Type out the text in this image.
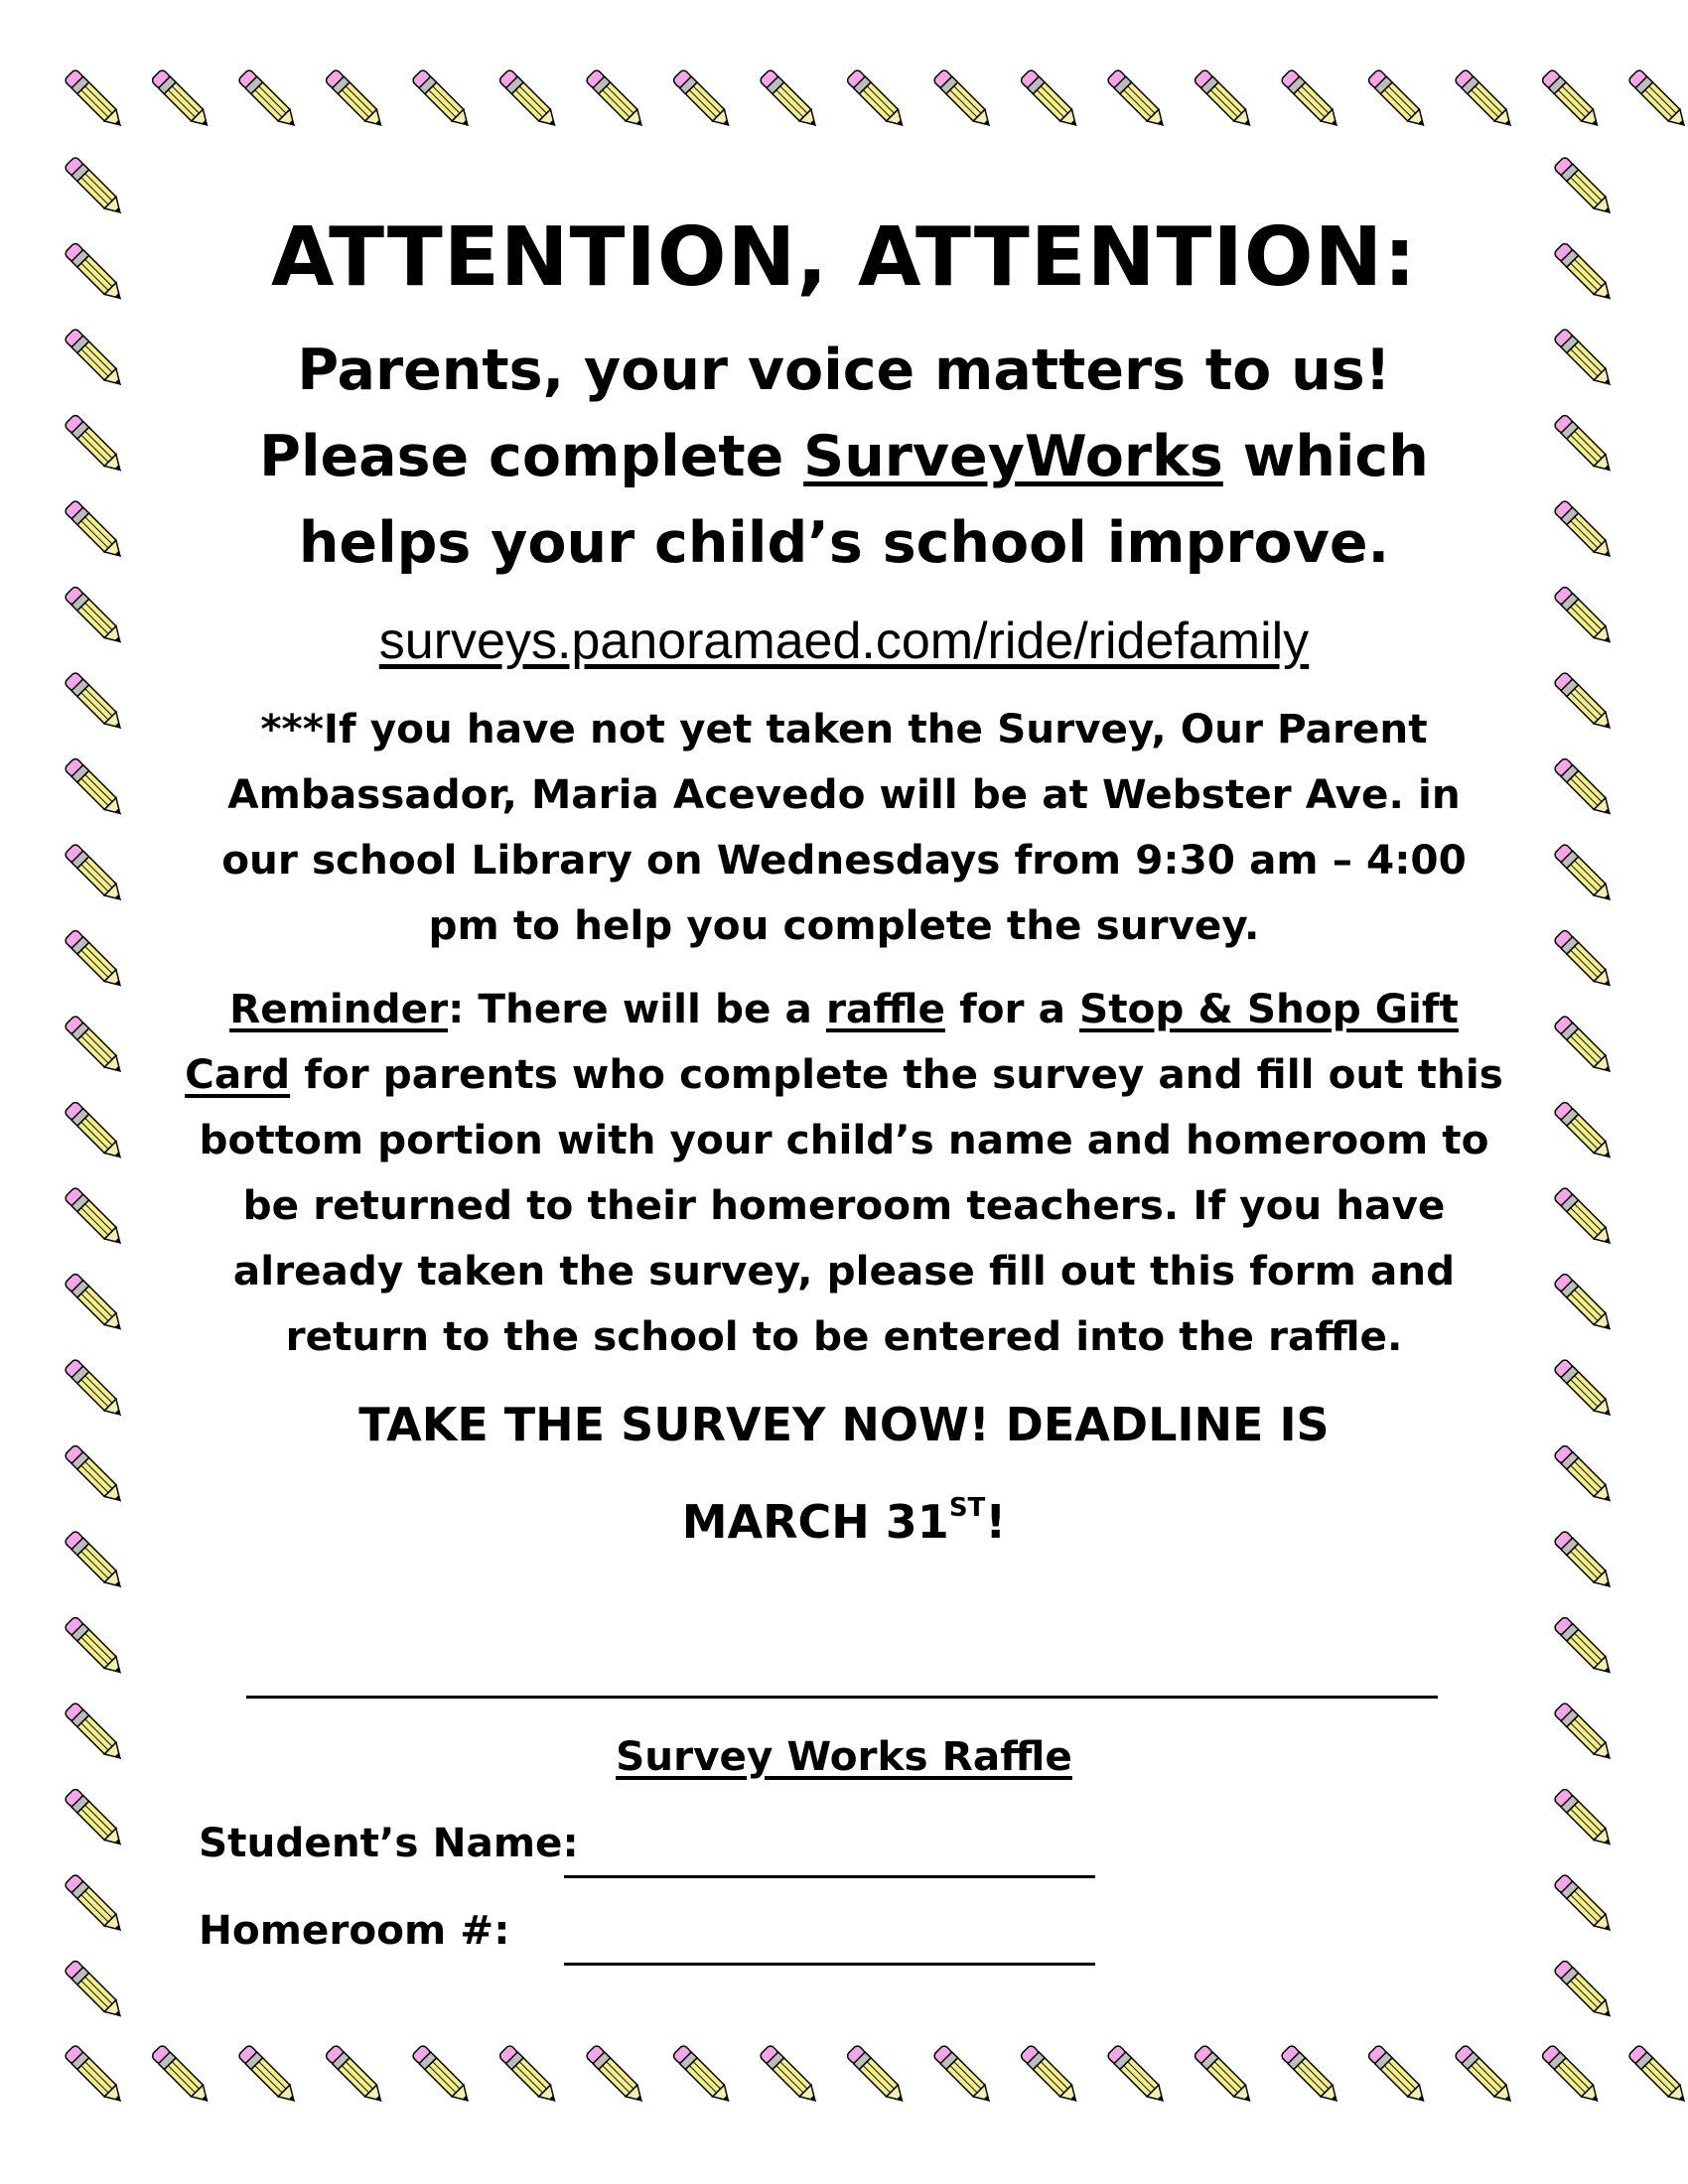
ATTENTION, ATTENTION:

Parents, your voice matters to us! Please complete SurveyWorks which helps your child’s school improve.

surveys.panoramaed.com/ride/ridefamily

***If you have not yet taken the Survey, Our Parent Ambassador, Maria Acevedo will be at Webster Ave. in our school Library on Wednesdays from 9:30 am – 4:00 pm to help you complete the survey.

Reminder: There will be a raffle for a Stop & Shop Gift Card for parents who complete the survey and fill out this bottom portion with your child’s name and homeroom to be returned to their homeroom teachers. If you have already taken the survey, please fill out this form and return to the school to be entered into the raffle.

TAKE THE SURVEY NOW! DEADLINE IS

MARCH 31ST!

Survey Works Raffle
Student’s Name:
Homeroom #:
